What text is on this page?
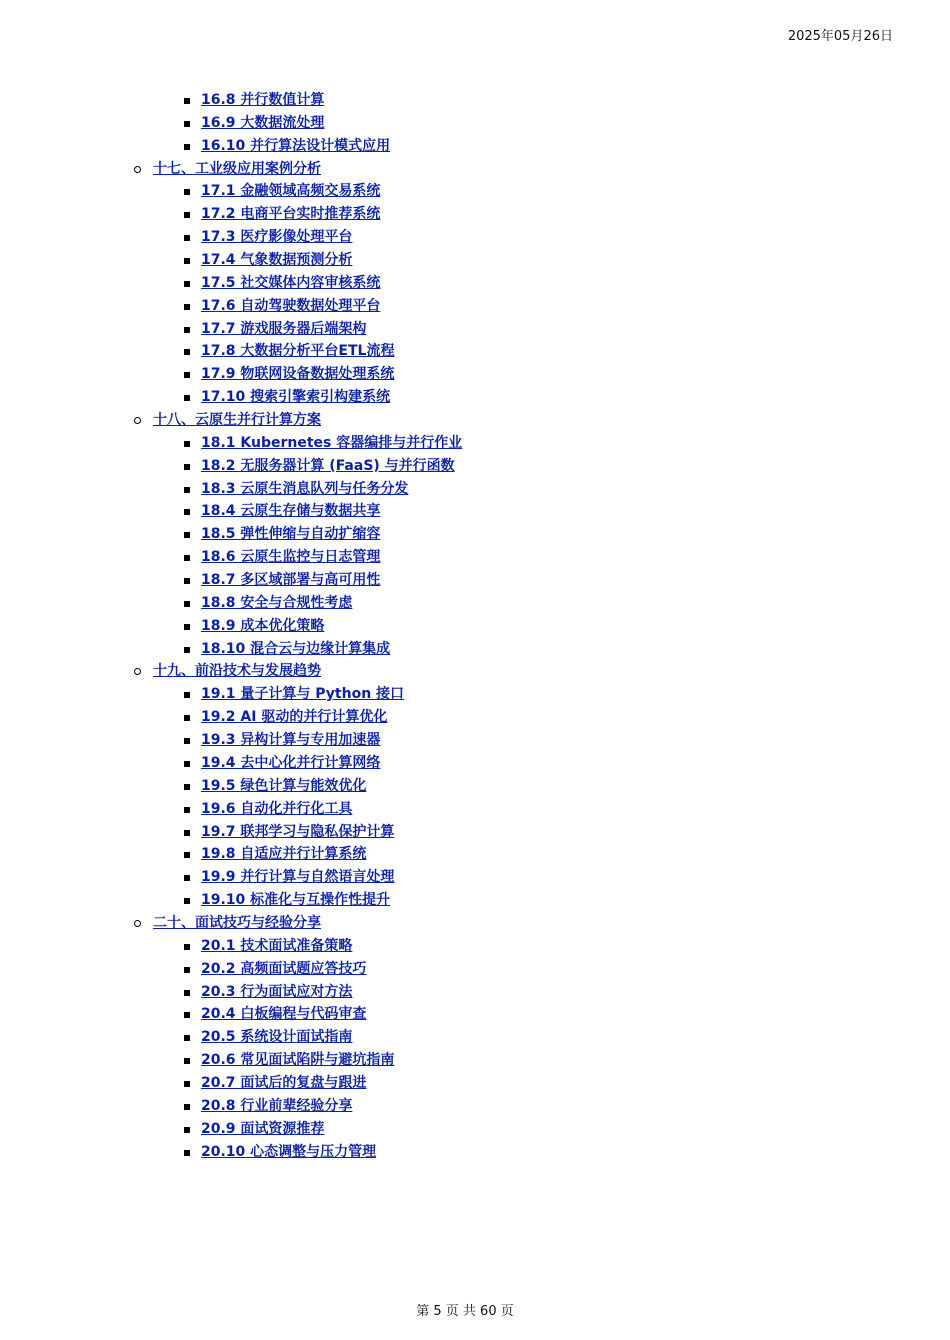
2025年05月26日
16.8 并行数值计算
16.9 大数据流处理
16.10 并行算法设计模式应用
十七、工业级应用案例分析
17.1 金融领域高频交易系统
17.2 电商平台实时推荐系统
17.3 医疗影像处理平台
17.4 气象数据预测分析
17.5 社交媒体内容审核系统
17.6 自动驾驶数据处理平台
17.7 游戏服务器后端架构
17.8 大数据分析平台ETL流程
17.9 物联网设备数据处理系统
17.10 搜索引擎索引构建系统
十八、云原生并行计算方案
18.1 Kubernetes 容器编排与并行作业
18.2 无服务器计算 (FaaS) 与并行函数
18.3 云原生消息队列与任务分发
18.4 云原生存储与数据共享
18.5 弹性伸缩与自动扩缩容
18.6 云原生监控与日志管理
18.7 多区域部署与高可用性
18.8 安全与合规性考虑
18.9 成本优化策略
18.10 混合云与边缘计算集成
十九、前沿技术与发展趋势
19.1 量子计算与 Python 接口
19.2 AI 驱动的并行计算优化
19.3 异构计算与专用加速器
19.4 去中心化并行计算网络
19.5 绿色计算与能效优化
19.6 自动化并行化工具
19.7 联邦学习与隐私保护计算
19.8 自适应并行计算系统
19.9 并行计算与自然语言处理
19.10 标准化与互操作性提升
二十、面试技巧与经验分享
20.1 技术面试准备策略
20.2 高频面试题应答技巧
20.3 行为面试应对方法
20.4 白板编程与代码审查
20.5 系统设计面试指南
20.6 常见面试陷阱与避坑指南
20.7 面试后的复盘与跟进
20.8 行业前辈经验分享
20.9 面试资源推荐
20.10 心态调整与压力管理
第 5 页 共 60 页
